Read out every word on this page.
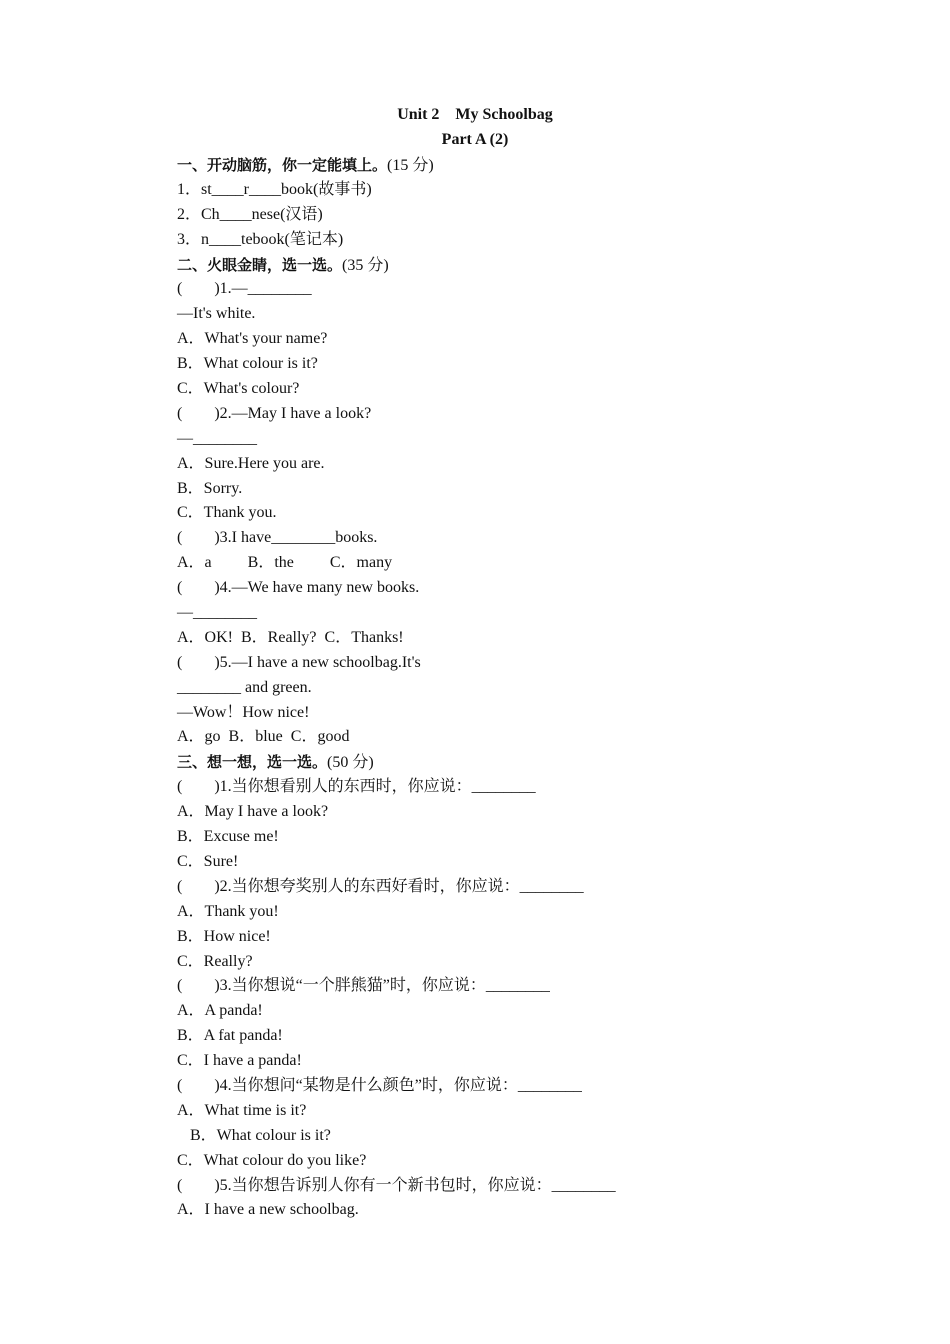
Unit 2    My Schoolbag
Part A (2)
一、开动脑筋，你一定能填上。(15 分)
1．st____r____book(故事书)
2．Ch____nese(汉语)
3．n____tebook(笔记本)
二、火眼金睛，选一选。(35 分)
(        )1.—________
—It's white.
A．What's your name?
B．What colour is it?
C．What's colour?
(        )2.—May I have a look?
—________
A．Sure.Here you are.
B．Sorry.
C．Thank you.
(        )3.I have________books.
A．a         B．the         C．many
(        )4.—We have many new books.
—________
A．OK!  B．Really?  C．Thanks!
(        )5.—I have a new schoolbag.It's
________ and green.
—Wow！How nice!
A．go  B．blue  C．good
三、想一想，选一选。(50 分)
(        )1.当你想看别人的东西时，你应说：________
A．May I have a look?
B．Excuse me!
C．Sure!
(        )2.当你想夸奖别人的东西好看时，你应说：________
A．Thank you!
B．How nice!
C．Really?
(        )3.当你想说“一个胖熊猫”时，你应说：________
A．A panda!
B．A fat panda!
C．I have a panda!
(        )4.当你想问“某物是什么颜色”时，你应说：________
A．What time is it?
B．What colour is it?
C．What colour do you like?
(        )5.当你想告诉别人你有一个新书包时，你应说：________
A．I have a new schoolbag.
